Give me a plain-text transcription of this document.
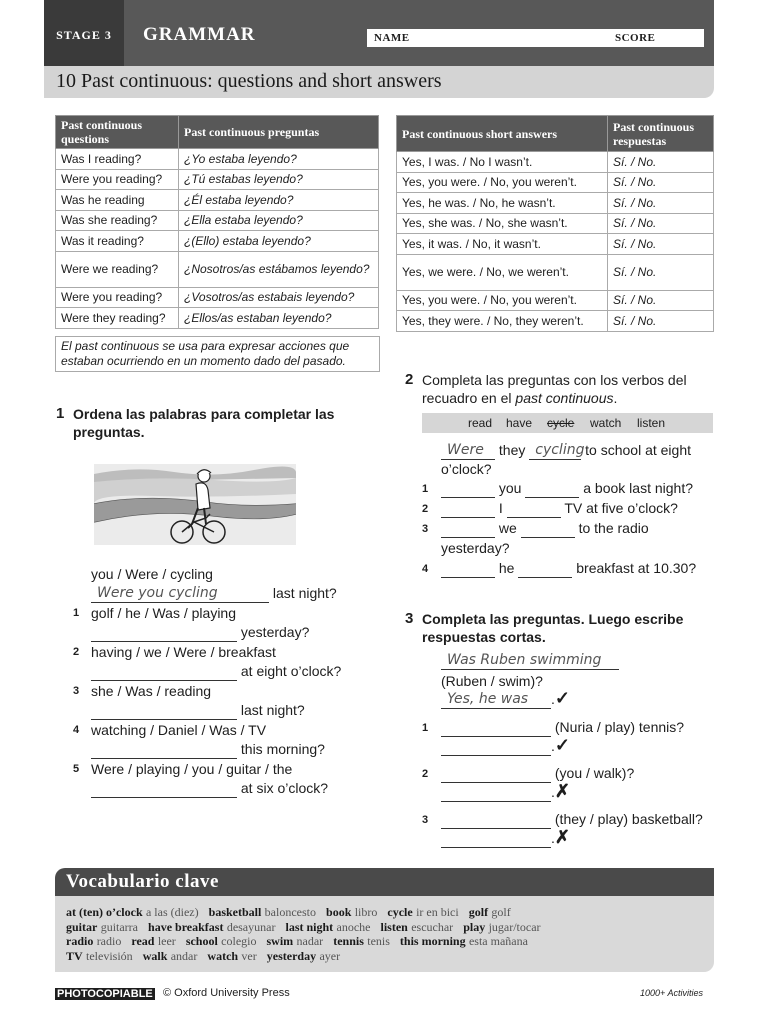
STAGE 3	GRAMMAR	NAME	SCORE
10 Past continuous: questions and short answers
Past continuous questions	Past continuous preguntas
Was I reading?	¿Yo estaba leyendo?
Were you reading?	¿Tú estabas leyendo?
Was he reading	¿Él estaba leyendo?
Was she reading?	¿Ella estaba leyendo?
Was it reading?	¿(Ello) estaba leyendo?
Were we reading?	¿Nosotros/as estábamos leyendo?
Were you reading?	¿Vosotros/as estabais leyendo?
Were they reading?	¿Ellos/as estaban leyendo?
Past continuous short answers	Past continuous respuestas
Yes, I was. / No I wasn’t.	Sí. / No.
Yes, you were. / No, you weren’t.	Sí. / No.
Yes, he was. / No, he wasn’t.	Sí. / No.
Yes, she was. / No, she wasn’t.	Sí. / No.
Yes, it was. / No, it wasn’t.	Sí. / No.
Yes, we were. / No, we weren’t.	Sí. / No.
Yes, you were. / No, you weren’t.	Sí. / No.
Yes, they were. / No, they weren’t.	Sí. / No.
El past continuous se usa para expresar acciones que estaban ocurriendo en un momento dado del pasado.
1 Ordena las palabras para completar las preguntas.
you / Were / cycling
Were you cycling	last night?
1 golf / he / Was / playing
yesterday?
2 having / we / Were / breakfast
at eight o’clock?
3 she / Was / reading
last night?
4 watching / Daniel / Was / TV
this morning?
5 Were / playing / you / guitar / the
at six o’clock?
2 Completa las preguntas con los verbos del recuadro en el past continuous.
read have cycle watch listen
Were they cycling to school at eight
o’clock?
1	you	a book last night?
2	I	TV at five o’clock?
3	we	to the radio
yesterday?
4	he	breakfast at 10.30?
3 Completa las preguntas. Luego escribe respuestas cortas.
Was Ruben swimming
(Ruben / swim)?
Yes, he was .✓
1	(Nuria / play) tennis?
.✓
2	(you / walk)?
.✗
3	(they / play) basketball?
.✗
Vocabulario clave
at (ten) o’clock a las (diez) basketball baloncesto book libro cycle ir en bici golf golf
guitar guitarra have breakfast desayunar last night anoche listen escuchar play jugar/tocar
radio radio read leer school colegio swim nadar tennis tenis this morning esta mañana
TV televisión walk andar watch ver yesterday ayer
PHOTOCOPIABLE © Oxford University Press	1000+ Activities
